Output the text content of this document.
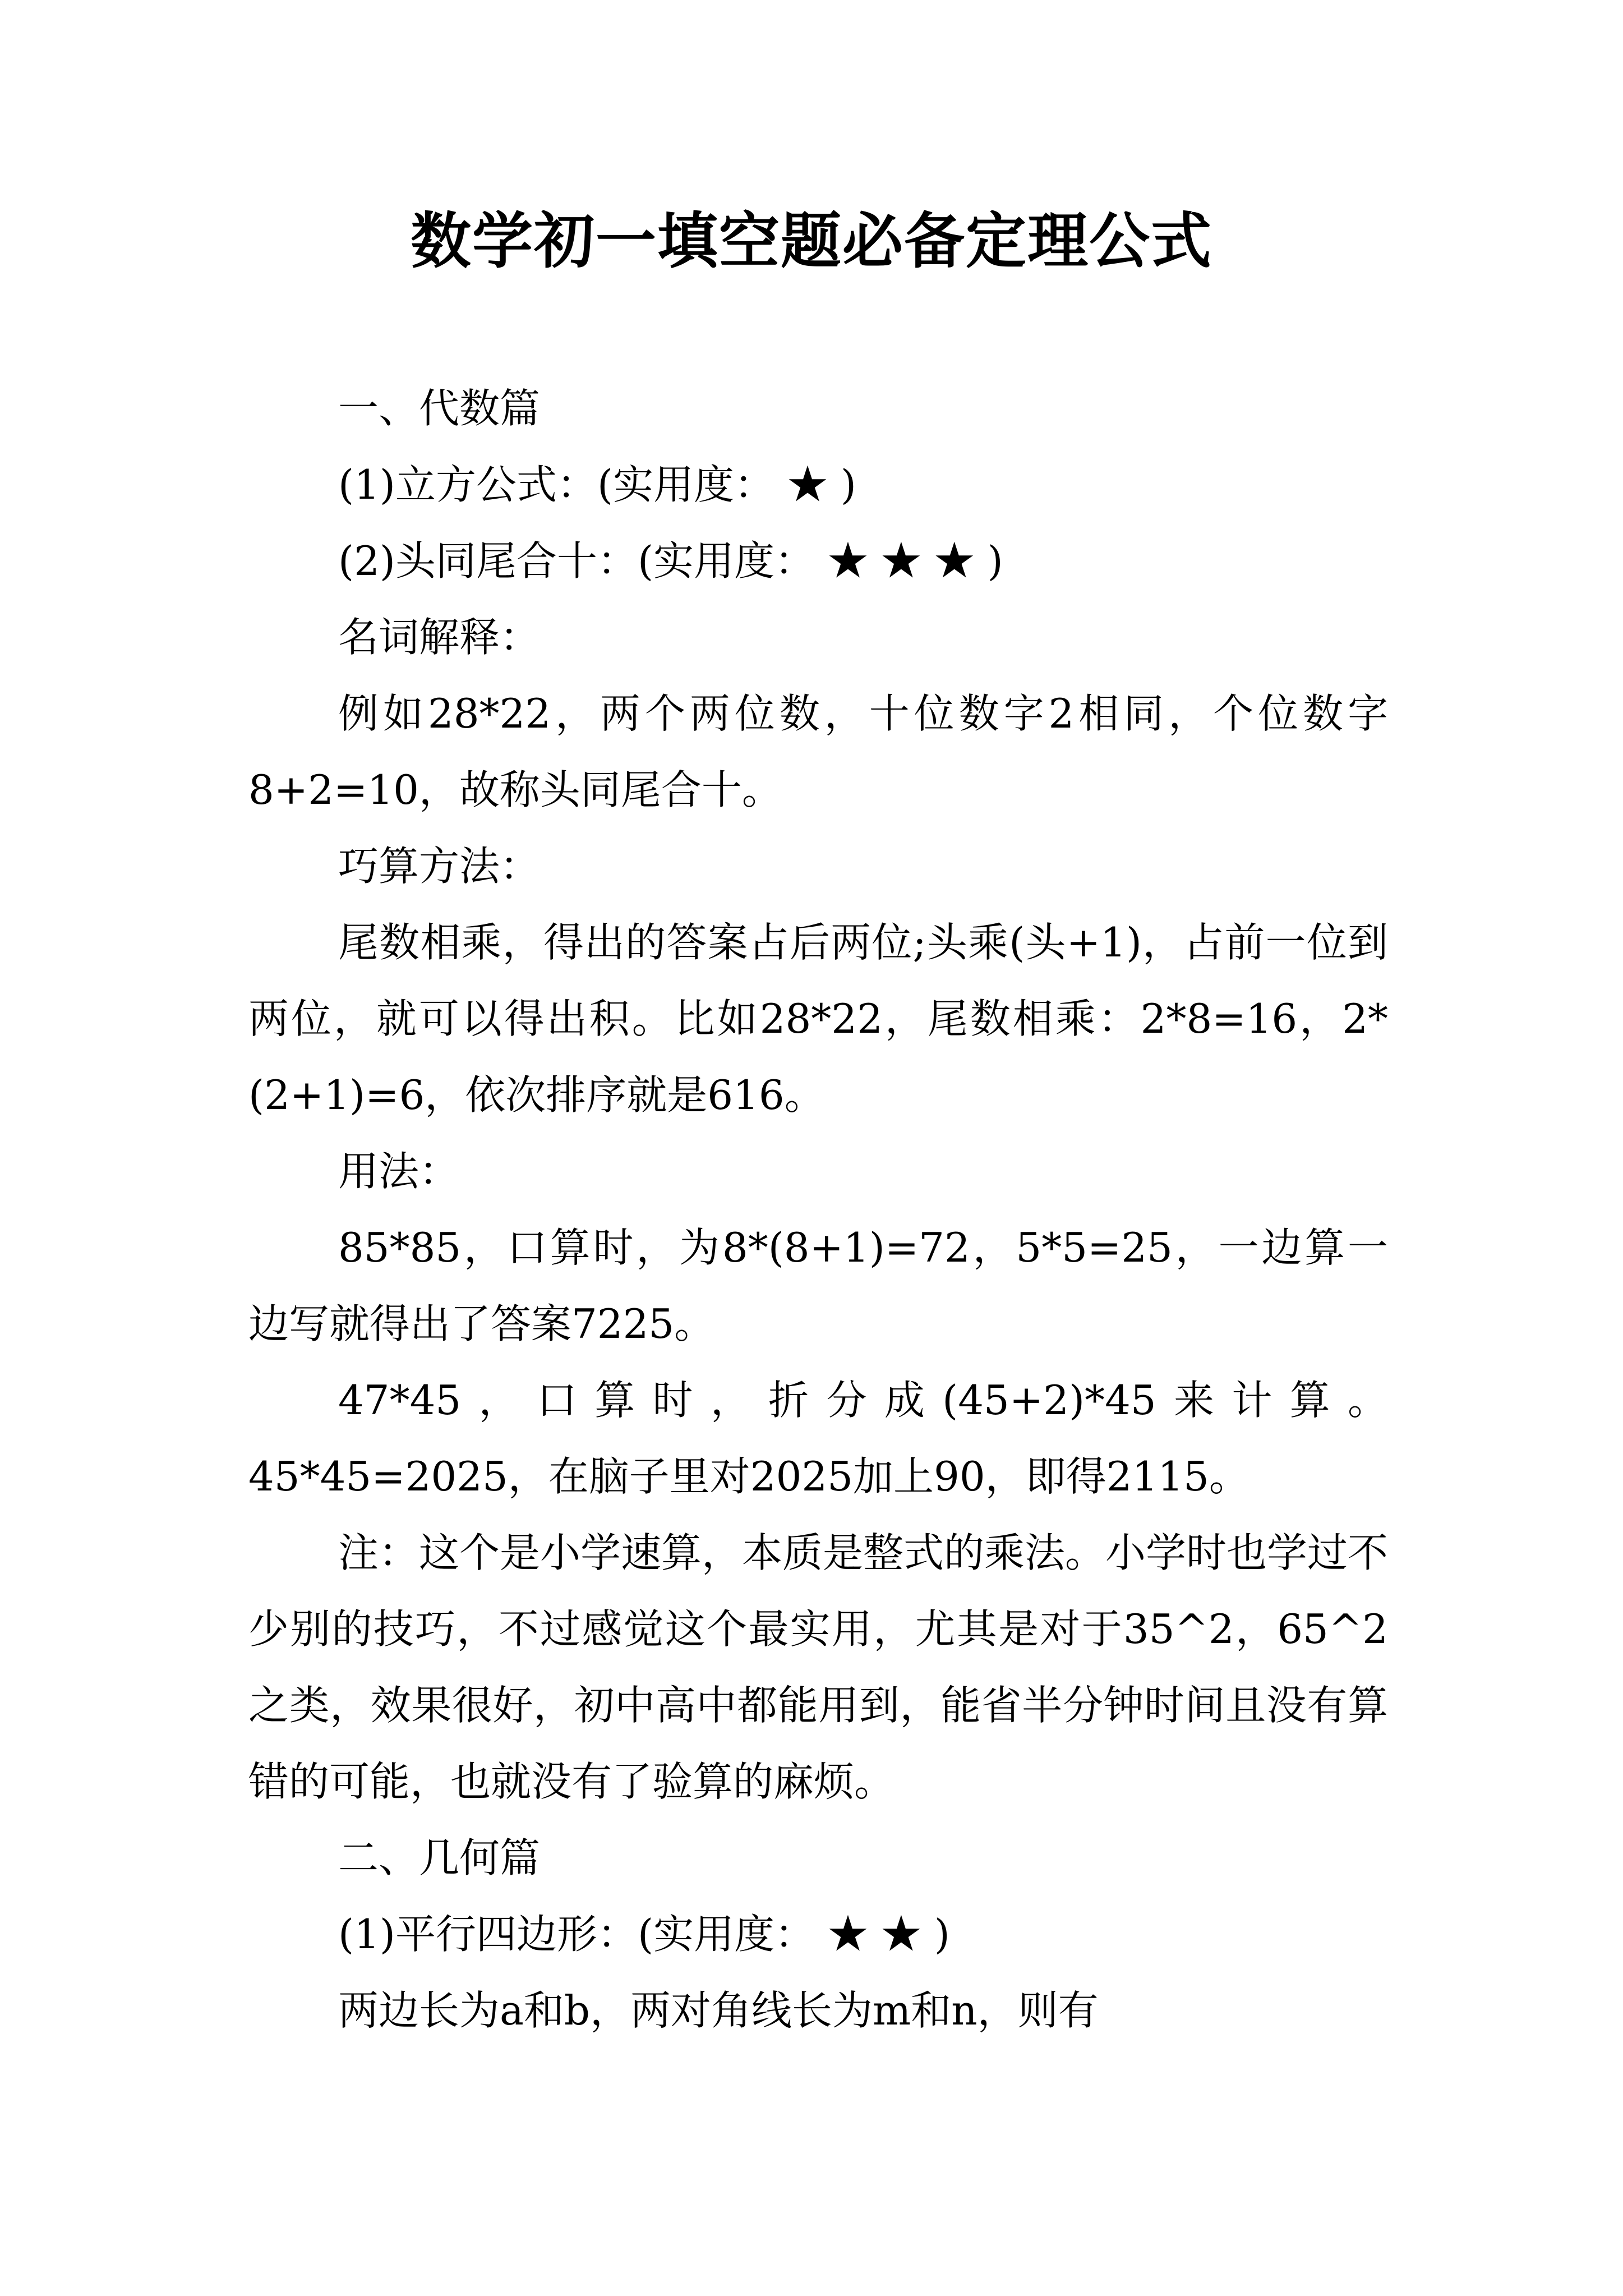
数学初一填空题必备定理公式

一、代数篇

(1)立方公式：(实用度： ★ )

(2)头同尾合十：(实用度： ★ ★ ★ )

名词解释：

例如28*22，两个两位数，十位数字2相同，个位数字8+2=10，故称头同尾合十。

巧算方法：

尾数相乘，得出的答案占后两位;头乘(头+1)，占前一位到两位，就可以得出积。比如28*22，尾数相乘：2*8=16，2*(2+1)=6，依次排序就是616。

用法：

85*85，口算时，为8*(8+1)=72，5*5=25，一边算一边写就得出了答案7225。

47*45，口算时，折分成(45+2)*45来计算。45*45=2025，在脑子里对2025加上90，即得2115。

注：这个是小学速算，本质是整式的乘法。小学时也学过不少别的技巧，不过感觉这个最实用，尤其是对于35^2，65^2之类，效果很好，初中高中都能用到，能省半分钟时间且没有算错的可能，也就没有了验算的麻烦。

二、几何篇

(1)平行四边形：(实用度： ★ ★ )

两边长为a和b，两对角线长为m和n，则有
